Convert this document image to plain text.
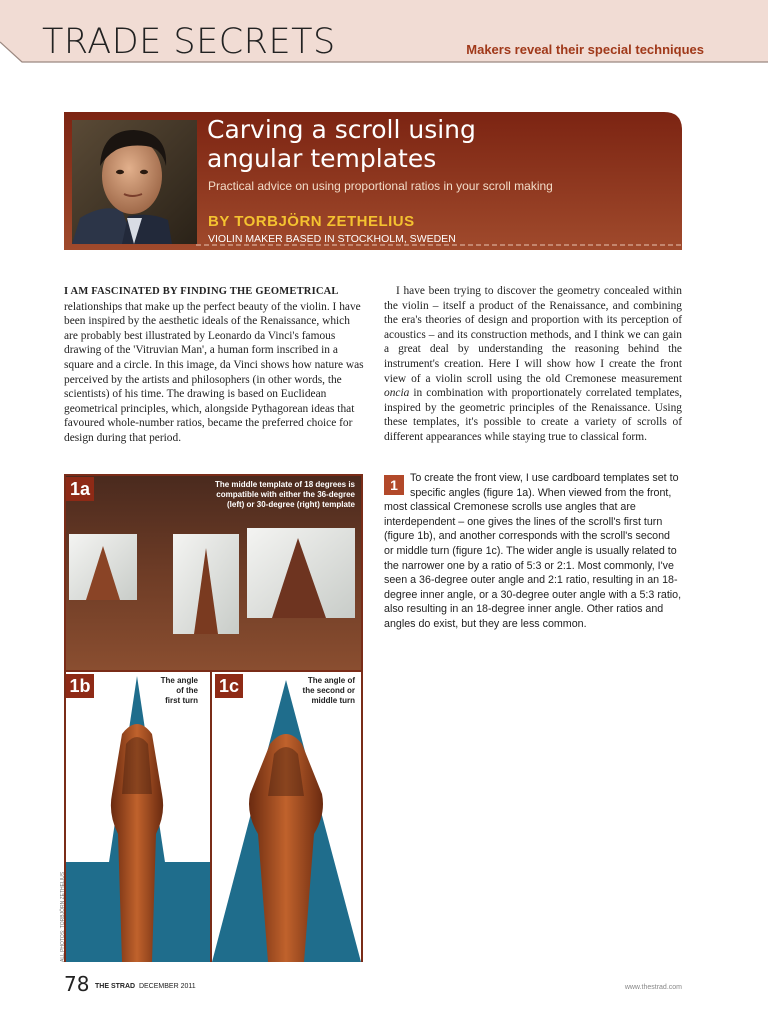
TRADE SECRETS	Makers reveal their special techniques
Carving a scroll using
angular templates
Practical advice on using proportional ratios in your scroll making
BY TORBJÖRN ZETHELIUS
VIOLIN MAKER BASED IN STOCKHOLM, SWEDEN

I AM FASCINATED BY FINDING THE GEOMETRICAL
relationships that make up the perfect beauty of the violin. I have been inspired by the aesthetic ideals of the Renaissance, which are probably best illustrated by Leonardo da Vinci's famous drawing of the 'Vitruvian Man', a human form inscribed in a square and a circle. In this image, da Vinci shows how nature was perceived by the artists and philosophers (in other words, the scientists) of his time. The drawing is based on Euclidean geometrical principles, which, alongside Pythagorean ideas that favoured whole-number ratios, became the preferred choice for design during that period.

I have been trying to discover the geometry concealed within the violin – itself a product of the Renaissance, and combining the era's theories of design and proportion with its perception of acoustics – and its construction methods, and I think we can gain a great deal by understanding the reasoning behind the instrument's creation. Here I will show how I create the front view of a violin scroll using the old Cremonese measurement oncia in combination with proportionately correlated templates, inspired by the geometric principles of the Renaissance. Using these templates, it's possible to create a variety of scrolls of different appearances while staying true to classical form.

1	To create the front view, I use cardboard templates set to specific angles (figure 1a). When viewed from the front, most classical Cremonese scrolls use angles that are interdependent – one gives the lines of the scroll's first turn (figure 1b), and another corresponds with the scroll's second or middle turn (figure 1c). The wider angle is usually related to the narrower one by a ratio of 5:3 or 2:1. Most commonly, I've seen a 36-degree outer angle and 2:1 ratio, resulting in an 18-degree inner angle, or a 30-degree outer angle with a 5:3 ratio, also resulting in an 18-degree inner angle. Other ratios and angles do exist, but they are less common.
1a	The middle template of 18 degrees is
compatible with either the 36-degree
(left) or 30-degree (right) template
1b	The angle
of the
first turn
1c	The angle of
the second or
middle turn
ALL PHOTOS: TORBJÖRN ZETHELIUS
78 THE STRAD DECEMBER 2011	www.thestrad.com
